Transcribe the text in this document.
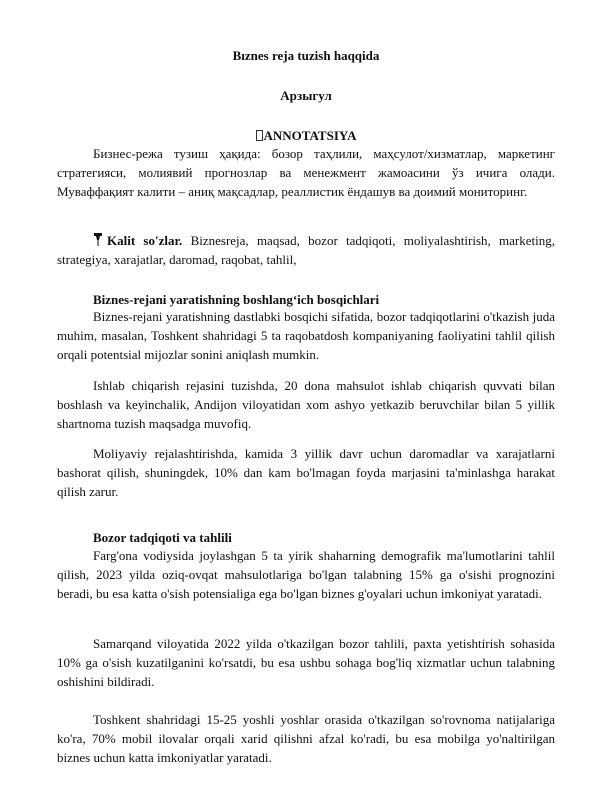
Bıznes reja tuzish haqqida
Арзыгул
ANNOTATSIYA
Бизнес-режа тузиш ҳақида: бозор таҳлили, маҳсулот/хизматлар, маркетинг стратегияси, молиявий прогнозлар ва менежмент жамоасини ўз ичига олади. Муваффақият калити – аниқ мақсадлар, реаллистик ёндашув ва доимий мониторинг.
Kalit so'zlar. Biznesreja, maqsad, bozor tadqiqoti, moliyalashtirish, marketing, strategiya, xarajatlar, daromad, raqobat, tahlil,
Biznes-rejani yaratishning boshlang‘ich bosqichlari
Biznes-rejani yaratishning dastlabki bosqichi sifatida, bozor tadqiqotlarini o'tkazish juda muhim, masalan, Toshkent shahridagi 5 ta raqobatdosh kompaniyaning faoliyatini tahlil qilish orqali potentsial mijozlar sonini aniqlash mumkin.
Ishlab chiqarish rejasini tuzishda, 20 dona mahsulot ishlab chiqarish quvvati bilan boshlash va keyinchalik, Andijon viloyatidan xom ashyo yetkazib beruvchilar bilan 5 yillik shartnoma tuzish maqsadga muvofiq.
Moliyaviy rejalashtirishda, kamida 3 yillik davr uchun daromadlar va xarajatlarni bashorat qilish, shuningdek, 10% dan kam bo'lmagan foyda marjasini ta'minlashga harakat qilish zarur.
Bozor tadqiqoti va tahlili
Farg'ona vodiysida joylashgan 5 ta yirik shaharning demografik ma'lumotlarini tahlil qilish, 2023 yilda oziq-ovqat mahsulotlariga bo'lgan talabning 15% ga o'sishi prognozini beradi, bu esa katta o'sish potensialiga ega bo'lgan biznes g'oyalari uchun imkoniyat yaratadi.
Samarqand viloyatida 2022 yilda o'tkazilgan bozor tahlili, paxta yetishtirish sohasida 10% ga o'sish kuzatilganini ko'rsatdi, bu esa ushbu sohaga bog'liq xizmatlar uchun talabning oshishini bildiradi.
Toshkent shahridagi 15-25 yoshli yoshlar orasida o'tkazilgan so'rovnoma natijalariga ko'ra, 70% mobil ilovalar orqali xarid qilishni afzal ko'radi, bu esa mobilga yo'naltirilgan biznes uchun katta imkoniyatlar yaratadi.
